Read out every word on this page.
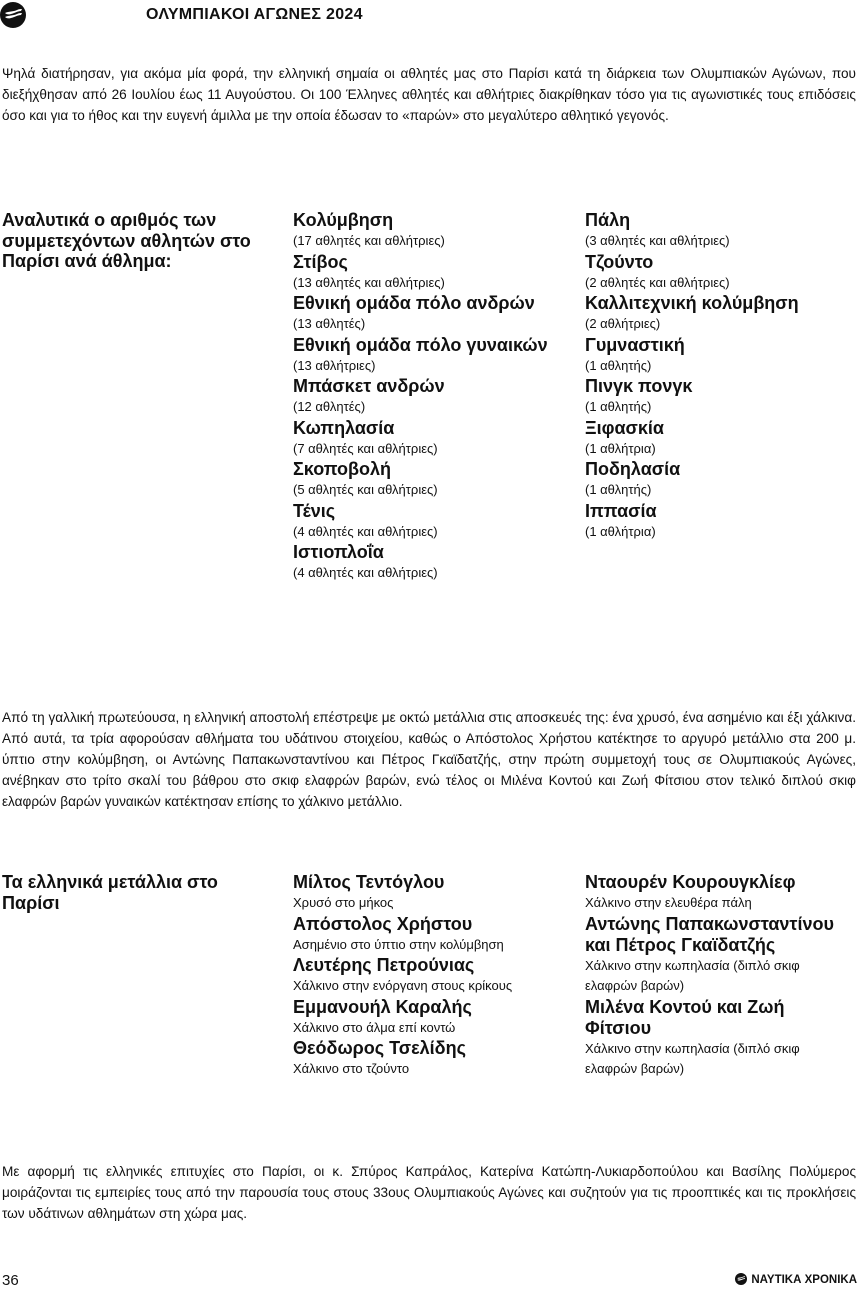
ΟΛΥΜΠΙΑΚΟΙ ΑΓΩΝΕΣ 2024

Ψηλά διατήρησαν, για ακόμα μία φορά, την ελληνική σημαία οι αθλητές μας στο Παρίσι κατά τη διάρκεια των Ολυμπιακών Αγώνων, που διεξήχθησαν από 26 Ιουλίου έως 11 Αυγούστου. Οι 100 Έλληνες αθλητές και αθλήτριες διακρίθηκαν τόσο για τις αγωνιστικές τους επιδόσεις όσο και για το ήθος και την ευγενή άμιλλα με την οποία έδωσαν το «παρών» στο μεγαλύτερο αθλητικό γεγονός.

Αναλυτικά ο αριθμός των συμμετεχόντων αθλητών στο Παρίσι ανά άθλημα:
Κολύμβηση
(17 αθλητές και αθλήτριες)
Στίβος
(13 αθλητές και αθλήτριες)
Εθνική ομάδα πόλο ανδρών
(13 αθλητές)
Εθνική ομάδα πόλο γυναικών
(13 αθλήτριες)
Μπάσκετ ανδρών
(12 αθλητές)
Κωπηλασία
(7 αθλητές και αθλήτριες)
Σκοποβολή
(5 αθλητές και αθλήτριες)
Τένις
(4 αθλητές και αθλήτριες)
Ιστιοπλοΐα
(4 αθλητές και αθλήτριες)
Πάλη
(3 αθλητές και αθλήτριες)
Τζούντο
(2 αθλητές και αθλήτριες)
Καλλιτεχνική κολύμβηση
(2 αθλήτριες)
Γυμναστική
(1 αθλητής)
Πινγκ πονγκ
(1 αθλητής)
Ξιφασκία
(1 αθλήτρια)
Ποδηλασία
(1 αθλητής)
Ιππασία
(1 αθλήτρια)

Από τη γαλλική πρωτεύουσα, η ελληνική αποστολή επέστρεψε με οκτώ μετάλλια στις αποσκευές της: ένα χρυσό, ένα ασημένιο και έξι χάλκινα. Από αυτά, τα τρία αφορούσαν αθλήματα του υδάτινου στοιχείου, καθώς ο Απόστολος Χρήστου κατέκτησε το αργυρό μετάλλιο στα 200 μ. ύπτιο στην κολύμβηση, οι Αντώνης Παπακωνσταντίνου και Πέτρος Γκαϊδατζής, στην πρώτη συμμετοχή τους σε Ολυμπιακούς Αγώνες, ανέβηκαν στο τρίτο σκαλί του βάθρου στο σκιφ ελαφρών βαρών, ενώ τέλος οι Μιλένα Κοντού και Ζωή Φίτσιου στον τελικό διπλού σκιφ ελαφρών βαρών γυναικών κατέκτησαν επίσης το χάλκινο μετάλλιο.

Τα ελληνικά μετάλλια στο Παρίσι
Μίλτος Τεντόγλου
Χρυσό στο μήκος
Απόστολος Χρήστου
Ασημένιο στο ύπτιο στην κολύμβηση
Λευτέρης Πετρούνιας
Χάλκινο στην ενόργανη στους κρίκους
Εμμανουήλ Καραλής
Χάλκινο στο άλμα επί κοντώ
Θεόδωρος Τσελίδης
Χάλκινο στο τζούντο
Νταουρέν Κουρουγκλίεφ
Χάλκινο στην ελευθέρα πάλη
Αντώνης Παπακωνσταντίνου και Πέτρος Γκαϊδατζής
Χάλκινο στην κωπηλασία (διπλό σκιφ ελαφρών βαρών)
Μιλένα Κοντού και Ζωή Φίτσιου
Χάλκινο στην κωπηλασία (διπλό σκιφ ελαφρών βαρών)

Με αφορμή τις ελληνικές επιτυχίες στο Παρίσι, οι κ. Σπύρος Καπράλος, Κατερίνα Κατώπη-Λυκιαρδοπούλου και Βασίλης Πολύμερος μοιράζονται τις εμπειρίες τους από την παρουσία τους στους 33ους Ολυμπιακούς Αγώνες και συζητούν για τις προοπτικές και τις προκλήσεις των υδάτινων αθλημάτων στη χώρα μας.

36	ΝΑΥΤΙΚΑ ΧΡΟΝΙΚΑ
